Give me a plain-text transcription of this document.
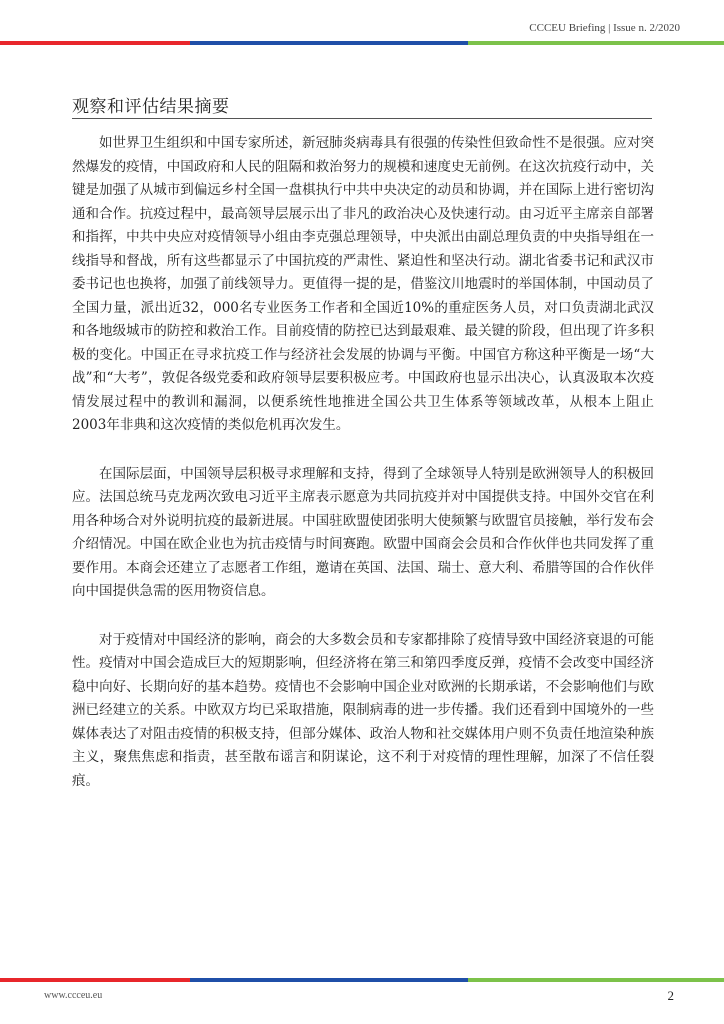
CCCEU Briefing | Issue n. 2/2020
观察和评估结果摘要

如世界卫生组织和中国专家所述，新冠肺炎病毒具有很强的传染性但致命性不是很强。应对突然爆发的疫情，中国政府和人民的阻隔和救治努力的规模和速度史无前例。在这次抗疫行动中，关键是加强了从城市到偏远乡村全国一盘棋执行中共中央决定的动员和协调，并在国际上进行密切沟通和合作。抗疫过程中，最高领导层展示出了非凡的政治决心及快速行动。由习近平主席亲自部署和指挥，中共中央应对疫情领导小组由李克强总理领导，中央派出由副总理负责的中央指导组在一线指导和督战，所有这些都显示了中国抗疫的严肃性、紧迫性和坚决行动。湖北省委书记和武汉市委书记也也换将，加强了前线领导力。更值得一提的是，借鉴汶川地震时的举国体制，中国动员了全国力量，派出近32，000名专业医务工作者和全国近10%的重症医务人员，对口负责湖北武汉和各地级城市的防控和救治工作。目前疫情的防控已达到最艰难、最关键的阶段，但出现了许多积极的变化。中国正在寻求抗疫工作与经济社会发展的协调与平衡。中国官方称这种平衡是一场“大战”和“大考”，敦促各级党委和政府领导层要积极应考。中国政府也显示出决心，认真汲取本次疫情发展过程中的教训和漏洞，以便系统性地推进全国公共卫生体系等领域改革，从根本上阻止2003年非典和这次疫情的类似危机再次发生。

在国际层面，中国领导层积极寻求理解和支持，得到了全球领导人特别是欧洲领导人的积极回应。法国总统马克龙两次致电习近平主席表示愿意为共同抗疫并对中国提供支持。中国外交官在利用各种场合对外说明抗疫的最新进展。中国驻欧盟使团张明大使频繁与欧盟官员接触，举行发布会介绍情况。中国在欧企业也为抗击疫情与时间赛跑。欧盟中国商会会员和合作伙伴也共同发挥了重要作用。本商会还建立了志愿者工作组，邀请在英国、法国、瑞士、意大利、希腊等国的合作伙伴向中国提供急需的医用物资信息。

对于疫情对中国经济的影响，商会的大多数会员和专家都排除了疫情导致中国经济衰退的可能性。疫情对中国会造成巨大的短期影响，但经济将在第三和第四季度反弹，疫情不会改变中国经济稳中向好、长期向好的基本趋势。疫情也不会影响中国企业对欧洲的长期承诺，不会影响他们与欧洲已经建立的关系。中欧双方均已采取措施，限制病毒的进一步传播。我们还看到中国境外的一些媒体表达了对阻击疫情的积极支持，但部分媒体、政治人物和社交媒体用户则不负责任地渲染种族主义，聚焦焦虑和指责，甚至散布谣言和阴谋论，这不利于对疫情的理性理解，加深了不信任裂痕。

www.ccceu.eu	2
